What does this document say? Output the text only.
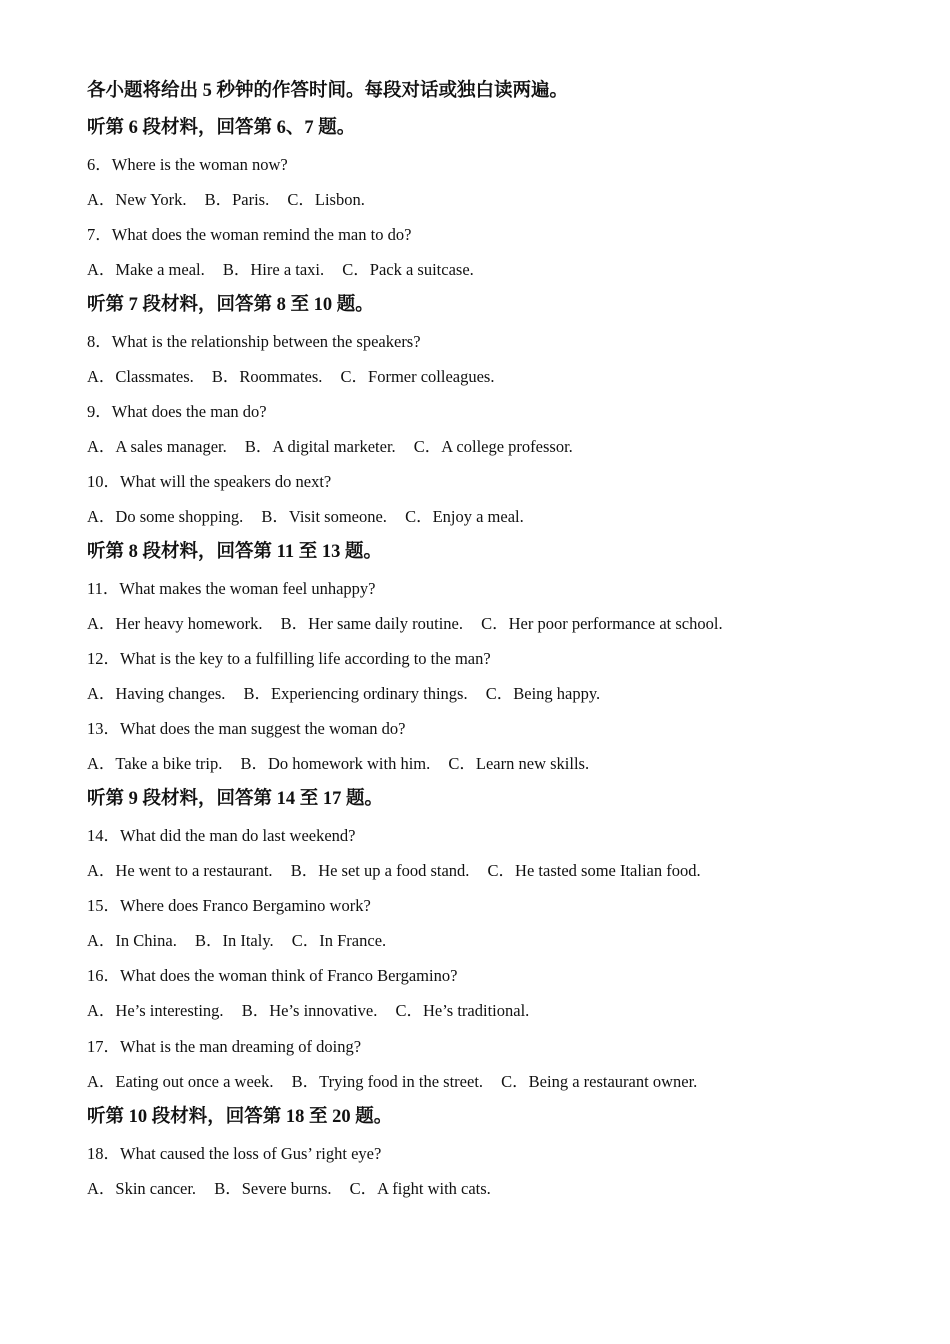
各小题将给出 5 秒钟的作答时间。每段对话或独白读两遍。
听第 6 段材料，回答第 6、7 题。
6．Where is the woman now?
A．New York. B．Paris. C．Lisbon.
7．What does the woman remind the man to do?
A．Make a meal. B．Hire a taxi. C．Pack a suitcase.
听第 7 段材料，回答第 8 至 10 题。
8．What is the relationship between the speakers?
A．Classmates. B．Roommates. C．Former colleagues.
9．What does the man do?
A．A sales manager. B．A digital marketer. C．A college professor.
10．What will the speakers do next?
A．Do some shopping. B．Visit someone. C．Enjoy a meal.
听第 8 段材料，回答第 11 至 13 题。
11．What makes the woman feel unhappy?
A．Her heavy homework. B．Her same daily routine. C．Her poor performance at school.
12．What is the key to a fulfilling life according to the man?
A．Having changes. B．Experiencing ordinary things. C．Being happy.
13．What does the man suggest the woman do?
A．Take a bike trip. B．Do homework with him. C．Learn new skills.
听第 9 段材料，回答第 14 至 17 题。
14．What did the man do last weekend?
A．He went to a restaurant. B．He set up a food stand. C．He tasted some Italian food.
15．Where does Franco Bergamino work?
A．In China. B．In Italy. C．In France.
16．What does the woman think of Franco Bergamino?
A．He’s interesting. B．He’s innovative. C．He’s traditional.
17．What is the man dreaming of doing?
A．Eating out once a week. B．Trying food in the street. C．Being a restaurant owner.
听第 10 段材料，回答第 18 至 20 题。
18．What caused the loss of Gus’ right eye?
A．Skin cancer. B．Severe burns. C．A fight with cats.
